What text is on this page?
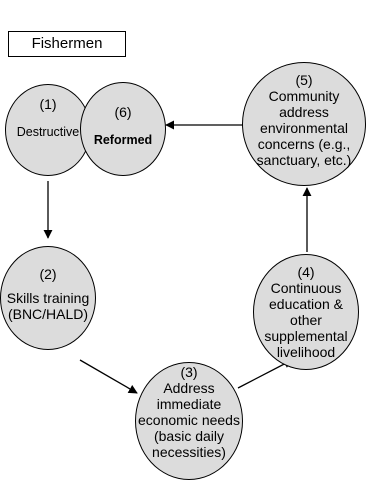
Fishermen
(1)
Destructive
(6)
Reformed
(2)
Skills training
(BNC/HALD)
(3)
Address
immediate
economic needs
(basic daily
necessities)
(4)
Continuous
education &
other
supplemental
livelihood
(5)
Community
address
environmental
concerns (e.g.,
sanctuary, etc.)
